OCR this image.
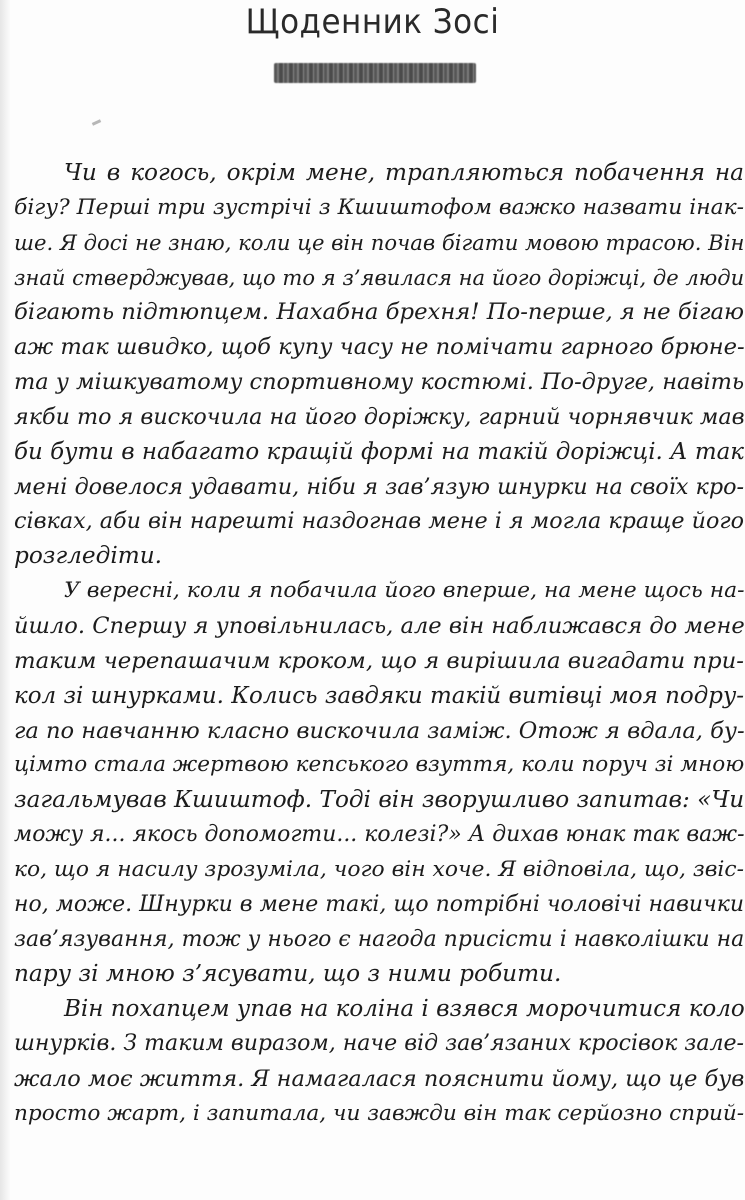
Щоденник Зосі
Чи в когось, окрім мене, трапляються побачення на
бігу? Перші три зустрічі з Кшиштофом важко назвати інак-
ше. Я досі не знаю, коли це він почав бігати мовою трасою. Він
знай стверджував, що то я з’явилася на його доріжці, де люди
бігають підтюпцем. Нахабна брехня! По-перше, я не бігаю
аж так швидко, щоб купу часу не помічати гарного брюне-
та у мішкуватому спортивному костюмі. По-друге, навіть
якби то я вискочила на його доріжку, гарний чорнявчик мав
би бути в набагато кращій формі на такій доріжці. А так
мені довелося удавати, ніби я зав’язую шнурки на своїх кро-
сівках, аби він нарешті наздогнав мене і я могла краще його
розгледіти.
У вересні, коли я побачила його вперше, на мене щось на-
йшло. Спершу я уповільнилась, але він наближався до мене
таким черепашачим кроком, що я вирішила вигадати при-
кол зі шнурками. Колись завдяки такій витівці моя подру-
га по навчанню класно вискочила заміж. Отож я вдала, бу-
цімто стала жертвою кепського взуття, коли поруч зі мною
загальмував Кшиштоф. Тоді він зворушливо запитав: «Чи
можу я... якось допомогти... колезі?» А дихав юнак так важ-
ко, що я насилу зрозуміла, чого він хоче. Я відповіла, що, звіс-
но, може. Шнурки в мене такі, що потрібні чоловічі навички
зав’язування, тож у нього є нагода присісти і навколішки на
пару зі мною з’ясувати, що з ними робити.
Він похапцем упав на коліна і взявся морочитися коло
шнурків. З таким виразом, наче від зав’язаних кросівок зале-
жало моє життя. Я намагалася пояснити йому, що це був
просто жарт, і запитала, чи завжди він так серйозно сприй-
